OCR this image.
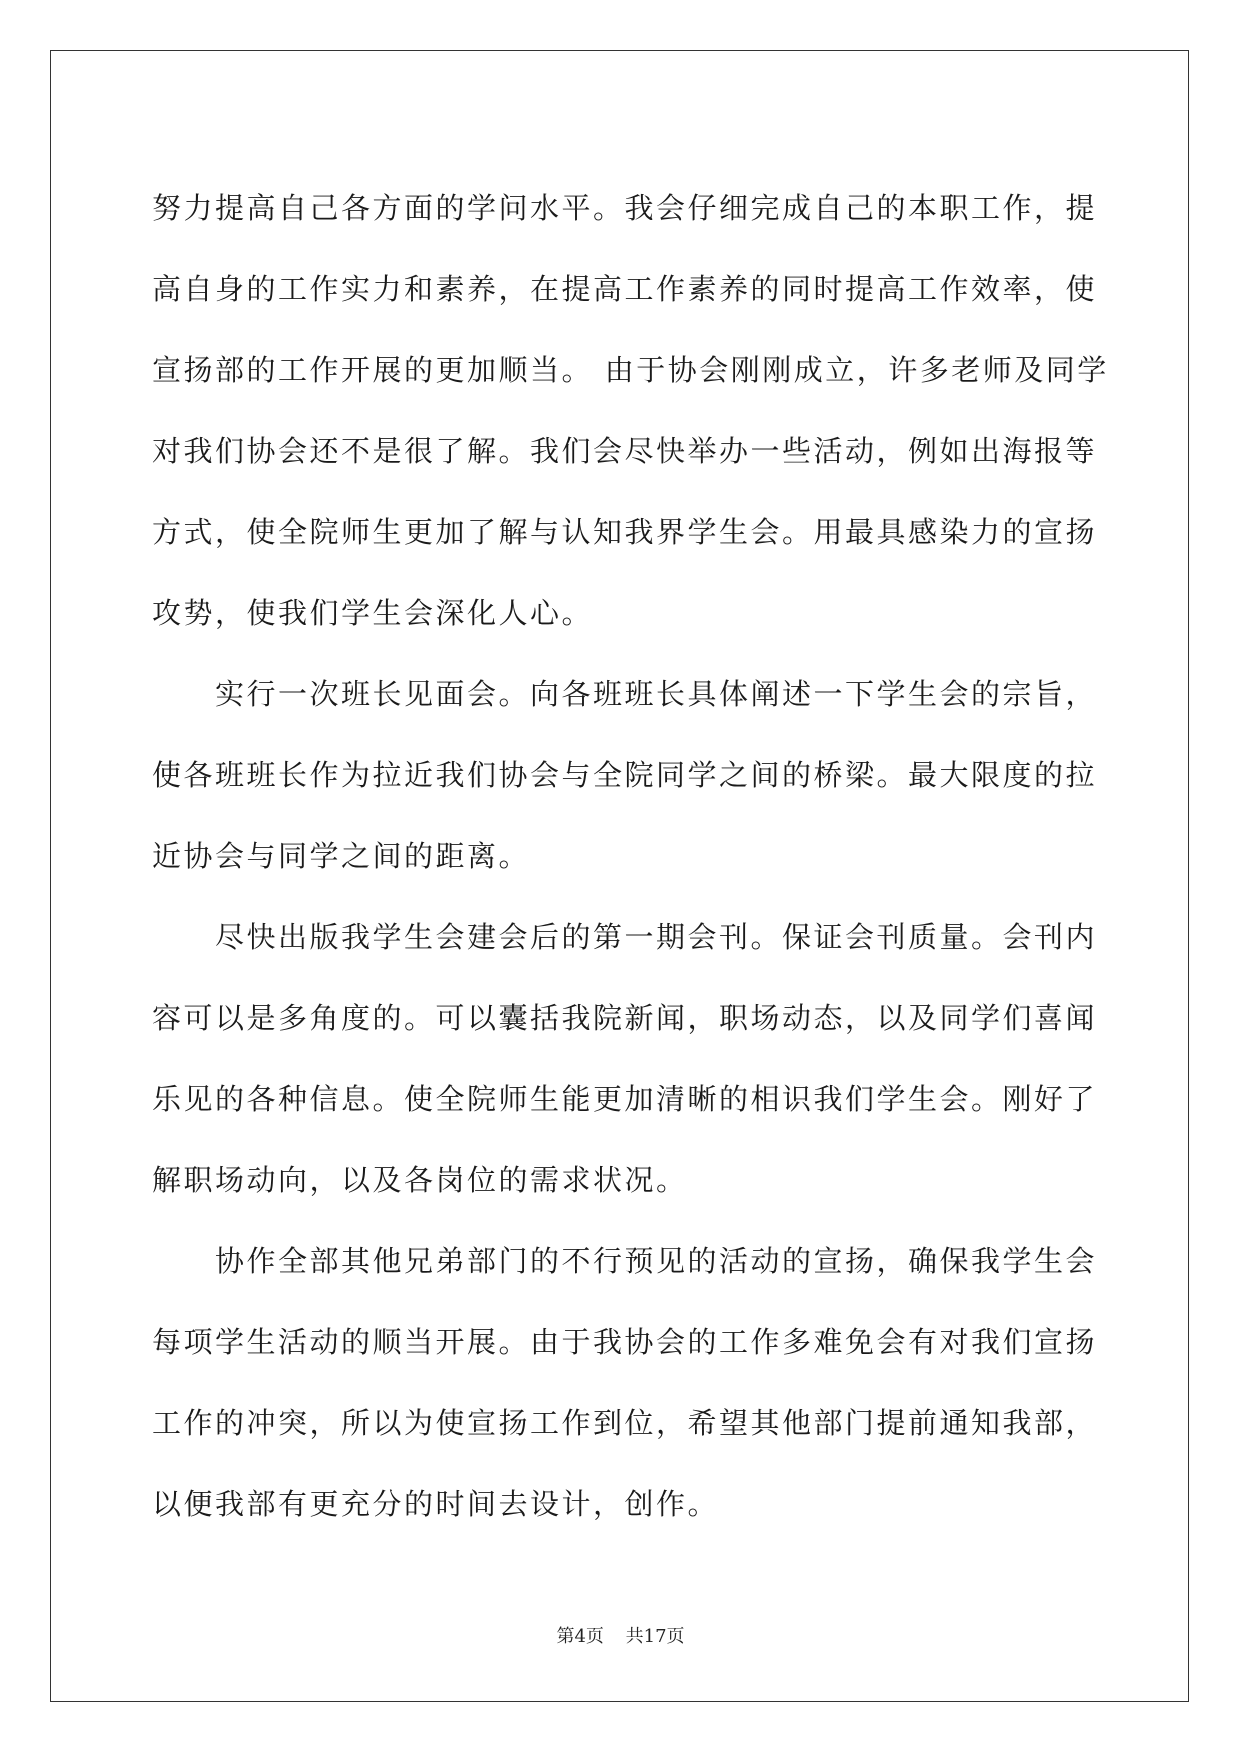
努力提高自己各方面的学问水平。我会仔细完成自己的本职工作，提
高自身的工作实力和素养，在提高工作素养的同时提高工作效率，使
宣扬部的工作开展的更加顺当。 由于协会刚刚成立，许多老师及同学
对我们协会还不是很了解。我们会尽快举办一些活动，例如出海报等
方式，使全院师生更加了解与认知我界学生会。用最具感染力的宣扬
攻势，使我们学生会深化人心。

实行一次班长见面会。向各班班长具体阐述一下学生会的宗旨，
使各班班长作为拉近我们协会与全院同学之间的桥梁。最大限度的拉
近协会与同学之间的距离。

尽快出版我学生会建会后的第一期会刊。保证会刊质量。会刊内
容可以是多角度的。可以囊括我院新闻，职场动态，以及同学们喜闻
乐见的各种信息。使全院师生能更加清晰的相识我们学生会。刚好了
解职场动向，以及各岗位的需求状况。

协作全部其他兄弟部门的不行预见的活动的宣扬，确保我学生会
每项学生活动的顺当开展。由于我协会的工作多难免会有对我们宣扬
工作的冲突，所以为使宣扬工作到位，希望其他部门提前通知我部，
以便我部有更充分的时间去设计，创作。

第4页 共17页
